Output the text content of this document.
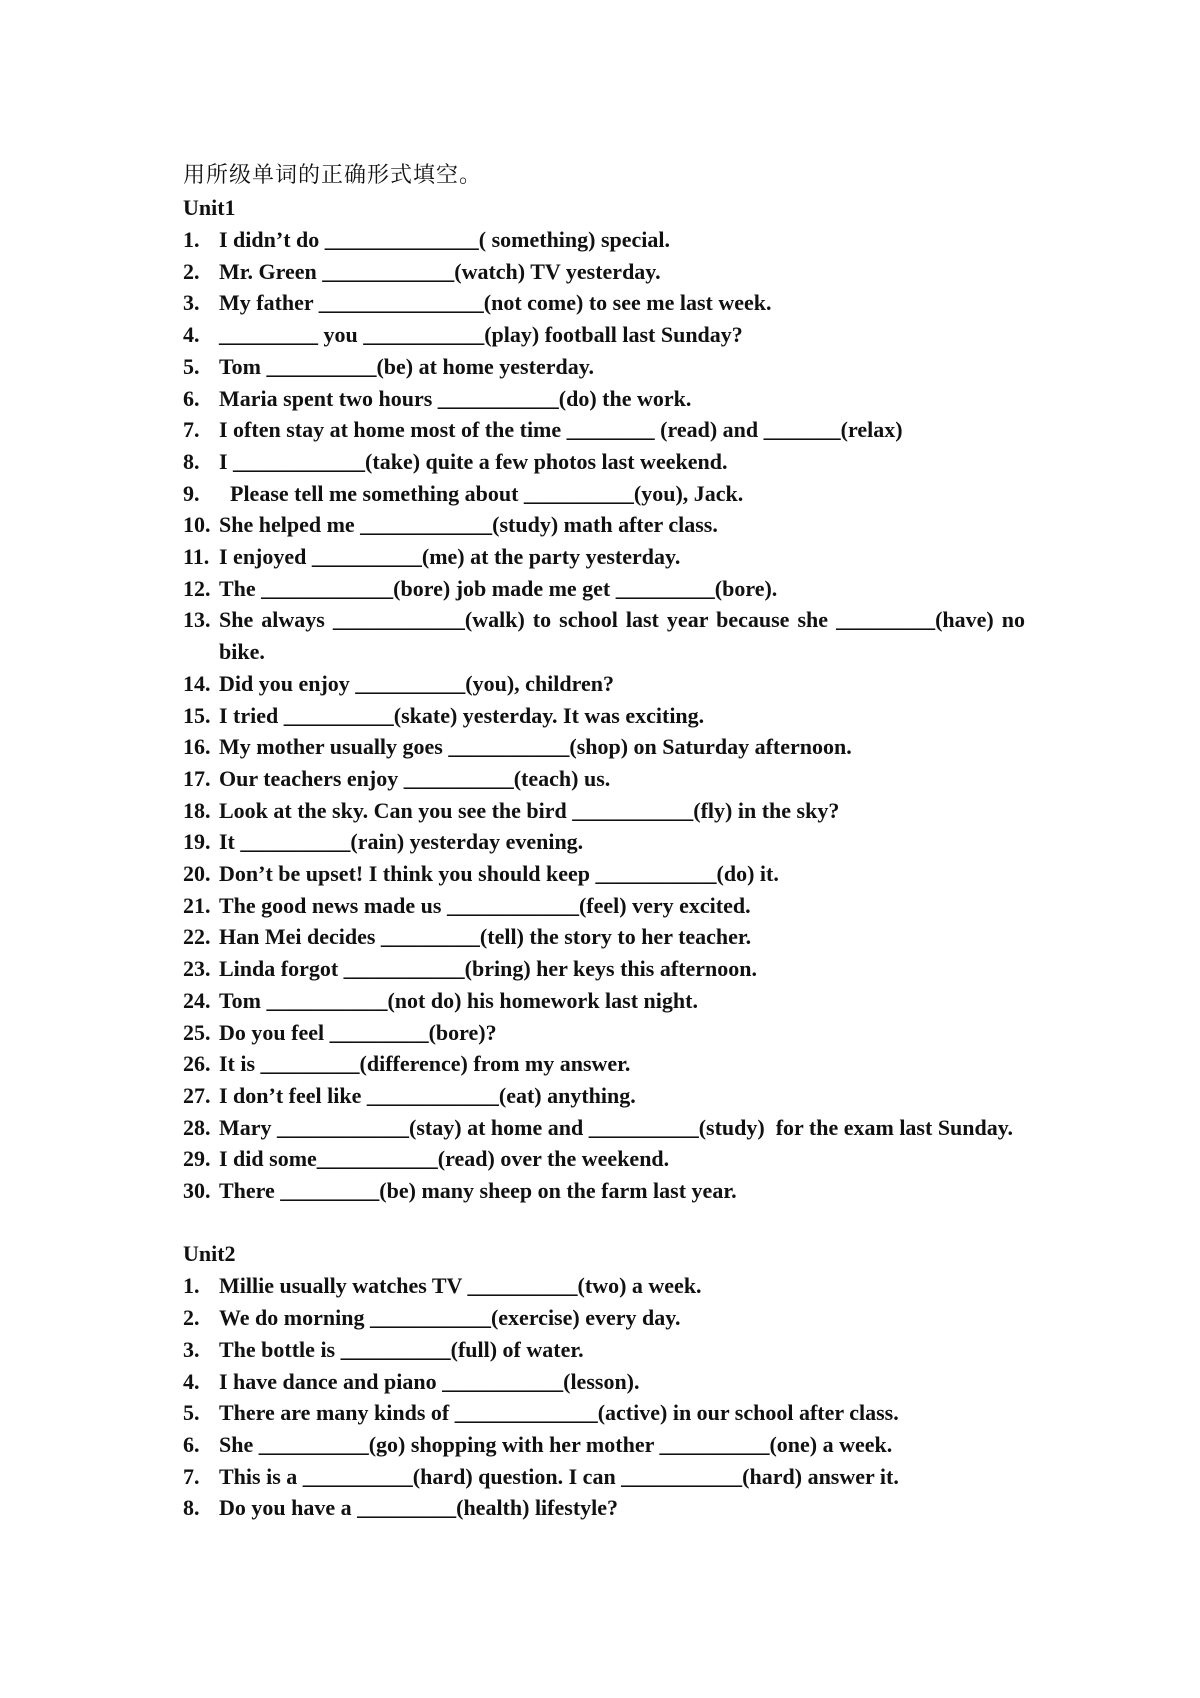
用所级单词的正确形式填空。
Unit1
1. I didn’t do ______________( something) special.
2. Mr. Green ____________(watch) TV yesterday.
3. My father _______________(not come) to see me last week.
4. _________ you ___________(play) football last Sunday?
5. Tom __________(be) at home yesterday.
6. Maria spent two hours ___________(do) the work.
7. I often stay at home most of the time ________ (read) and _______(relax)
8. I ____________(take) quite a few photos last weekend.
9. Please tell me something about __________(you), Jack.
10. She helped me ____________(study) math after class.
11. I enjoyed __________(me) at the party yesterday.
12. The ____________(bore) job made me get _________(bore).
13. She always ____________(walk) to school last year because she _________(have) no bike.
14. Did you enjoy __________(you), children?
15. I tried __________(skate) yesterday. It was exciting.
16. My mother usually goes ___________(shop) on Saturday afternoon.
17. Our teachers enjoy __________(teach) us.
18. Look at the sky. Can you see the bird ___________(fly) in the sky?
19. It __________(rain) yesterday evening.
20. Don’t be upset! I think you should keep ___________(do) it.
21. The good news made us ____________(feel) very excited.
22. Han Mei decides _________(tell) the story to her teacher.
23. Linda forgot ___________(bring) her keys this afternoon.
24. Tom ___________(not do) his homework last night.
25. Do you feel _________(bore)?
26. It is _________(difference) from my answer.
27. I don’t feel like ____________(eat) anything.
28. Mary ____________(stay) at home and __________(study)  for the exam last Sunday.
29. I did some___________(read) over the weekend.
30. There _________(be) many sheep on the farm last year.
Unit2
1. Millie usually watches TV __________(two) a week.
2. We do morning ___________(exercise) every day.
3. The bottle is __________(full) of water.
4. I have dance and piano ___________(lesson).
5. There are many kinds of _____________(active) in our school after class.
6. She __________(go) shopping with her mother __________(one) a week.
7. This is a __________(hard) question. I can ___________(hard) answer it.
8. Do you have a _________(health) lifestyle?
